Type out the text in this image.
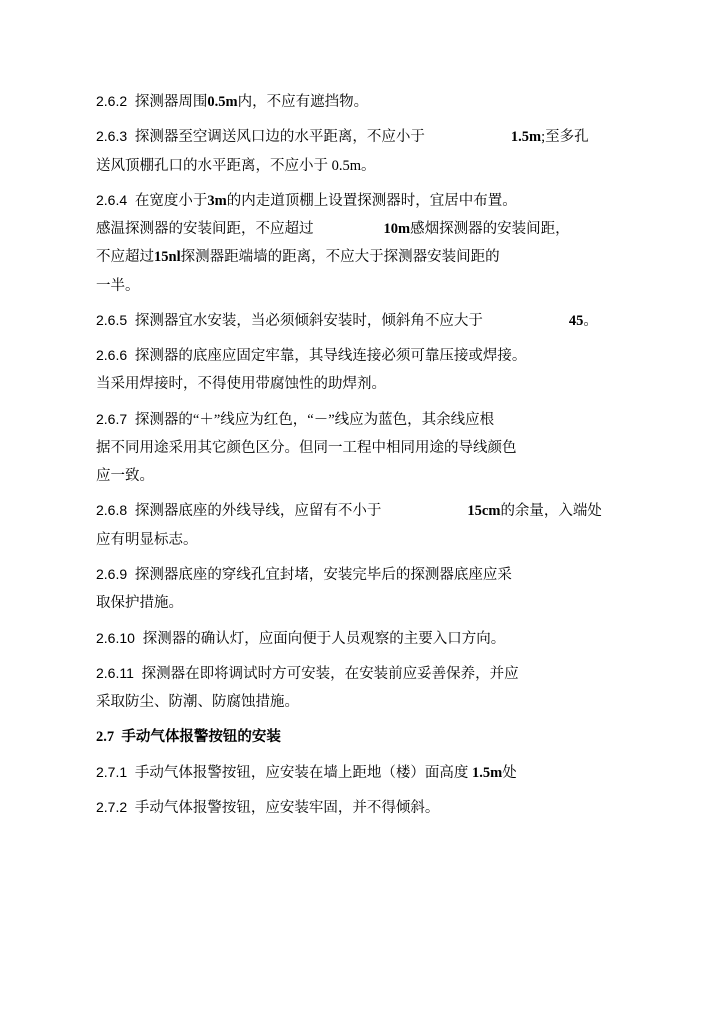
2.6.2  探测器周围0.5m内，不应有遮挡物。
2.6.3  探测器至空调送风口边的水平距离，不应小于	1.5m;至多孔
送风顶棚孔口的水平距离，不应小于 0.5m。
2.6.4  在宽度小于3m的内走道顶棚上设置探测器时，宜居中布置。
感温探测器的安装间距，不应超过	10m感烟探测器的安装间距，
不应超过15nl探测器距端墙的距离，不应大于探测器安装间距的
一半。
2.6.5  探测器宜水安装，当必须倾斜安装时，倾斜角不应大于	45。
2.6.6  探测器的底座应固定牢靠，其导线连接必须可靠压接或焊接。
当采用焊接时，不得使用带腐蚀性的助焊剂。
2.6.7  探测器的“＋”线应为红色，“－”线应为蓝色，其余线应根
据不同用途采用其它颜色区分。但同一工程中相同用途的导线颜色
应一致。
2.6.8  探测器底座的外线导线，应留有不小于	15cm的余量，入端处
应有明显标志。
2.6.9  探测器底座的穿线孔宜封堵，安装完毕后的探测器底座应采
取保护措施。
2.6.10  探测器的确认灯，应面向便于人员观察的主要入口方向。
2.6.11  探测器在即将调试时方可安装，在安装前应妥善保养，并应
采取防尘、防潮、防腐蚀措施。
2.7  手动气体报警按钮的安装
2.7.1  手动气体报警按钮，应安装在墙上距地（楼）面高度 1.5m处
2.7.2  手动气体报警按钮，应安装牢固，并不得倾斜。
